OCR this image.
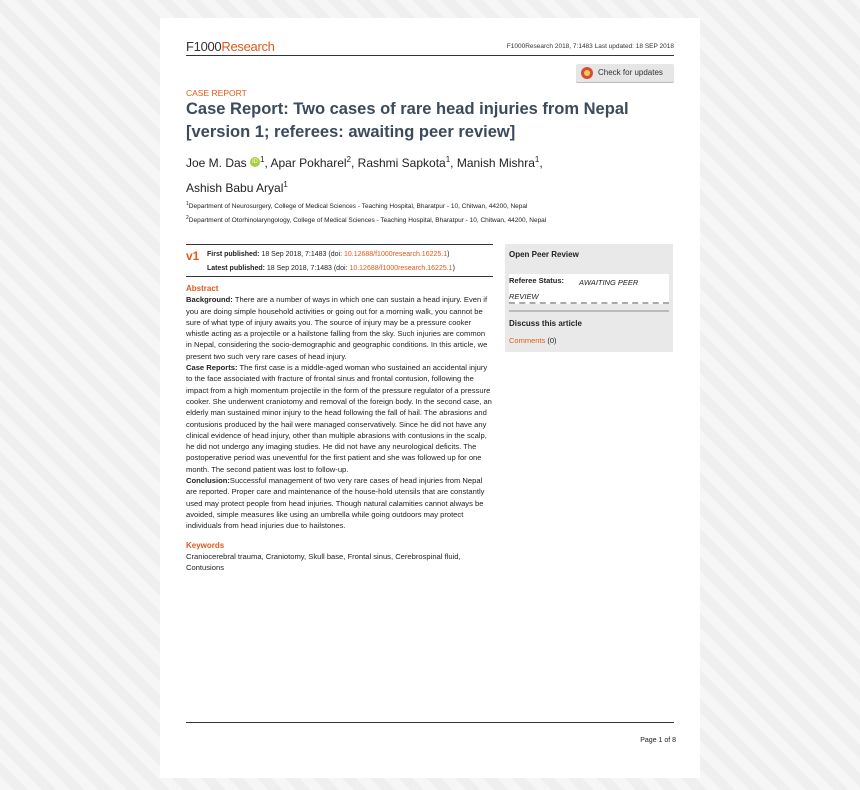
F1000Research	F1000Research 2018, 7:1483 Last updated: 18 SEP 2018
Check for updates
CASE REPORT
Case Report: Two cases of rare head injuries from Nepal [version 1; referees: awaiting peer review]
Joe M. Das iD $^1$, Apar Pokharel$^2$, Rashmi Sapkota$^1$, Manish Mishra$^1$,
Ashish Babu Aryal$^1$
$^1$Department of Neurosurgery, College of Medical Sciences - Teaching Hospital, Bharatpur - 10, Chitwan, 44200, Nepal
$^2$Department of Otorhinolaryngology, College of Medical Sciences - Teaching Hospital, Bharatpur - 10, Chitwan, 44200, Nepal
v1 First published: 18 Sep 2018, 7:1483 (doi: 10.12688/f1000research.16225.1)
Latest published: 18 Sep 2018, 7:1483 (doi: 10.12688/f1000research.16225.1)
Abstract
Background: There are a number of ways in which one can sustain a head injury. Even if you are doing simple household activities or going out for a morning walk, you cannot be sure of what type of injury awaits you. The source of injury may be a pressure cooker whistle acting as a projectile or a hailstone falling from the sky. Such injuries are common in Nepal, considering the socio-demographic and geographic conditions. In this article, we present two such very rare cases of head injury.
Case Reports: The first case is a middle-aged woman who sustained an accidental injury to the face associated with fracture of frontal sinus and frontal contusion, following the impact from a high momentum projectile in the form of the pressure regulator of a pressure cooker. She underwent craniotomy and removal of the foreign body. In the second case, an elderly man sustained minor injury to the head following the fall of hail. The abrasions and contusions produced by the hail were managed conservatively. Since he did not have any clinical evidence of head injury, other than multiple abrasions with contusions in the scalp, he did not undergo any imaging studies. He did not have any neurological deficits. The postoperative period was uneventful for the first patient and she was followed up for one month. The second patient was lost to follow-up.
Conclusion:Successful management of two very rare cases of head injuries from Nepal are reported. Proper care and maintenance of the house-hold utensils that are constantly used may protect people from head injuries. Though natural calamities cannot always be avoided, simple measures like using an umbrella while going outdoors may protect individuals from head injuries due to hailstones.
Keywords
Craniocerebral trauma, Craniotomy, Skull base, Frontal sinus, Cerebrospinal fluid, Contusions
Open Peer Review
Referee Status:	AWAITING PEER REVIEW
Discuss this article
Comments (0)
Page 1 of 8
